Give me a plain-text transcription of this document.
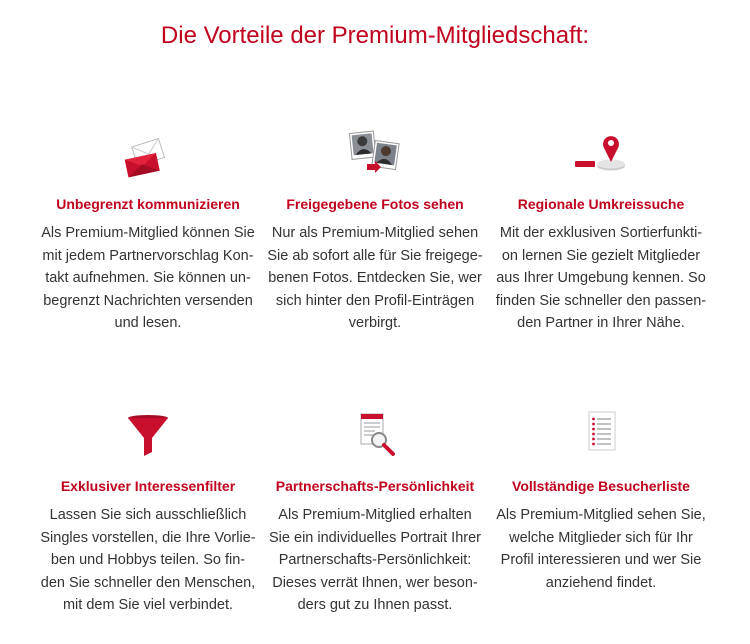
Die Vorteile der Premium-Mitgliedschaft:
Unbegrenzt kommunizieren
Als Premium-Mitglied können Sie
mit jedem Partnervorschlag Kon-
takt aufnehmen. Sie können un-
begrenzt Nachrichten versenden
und lesen.
Freigegebene Fotos sehen
Nur als Premium-Mitglied sehen
Sie ab sofort alle für Sie freigege-
benen Fotos. Entdecken Sie, wer
sich hinter den Profil-Einträgen
verbirgt.
Regionale Umkreissuche
Mit der exklusiven Sortierfunkti-
on lernen Sie gezielt Mitglieder
aus Ihrer Umgebung kennen. So
finden Sie schneller den passen-
den Partner in Ihrer Nähe.
Exklusiver Interessenfilter
Lassen Sie sich ausschließlich
Singles vorstellen, die Ihre Vorlie-
ben und Hobbys teilen. So fin-
den Sie schneller den Menschen,
mit dem Sie viel verbindet.
Partnerschafts-Persönlichkeit
Als Premium-Mitglied erhalten
Sie ein individuelles Portrait Ihrer
Partnerschafts-Persönlichkeit:
Dieses verrät Ihnen, wer beson-
ders gut zu Ihnen passt.
Vollständige Besucherliste
Als Premium-Mitglied sehen Sie,
welche Mitglieder sich für Ihr
Profil interessieren und wer Sie
anziehend findet.
